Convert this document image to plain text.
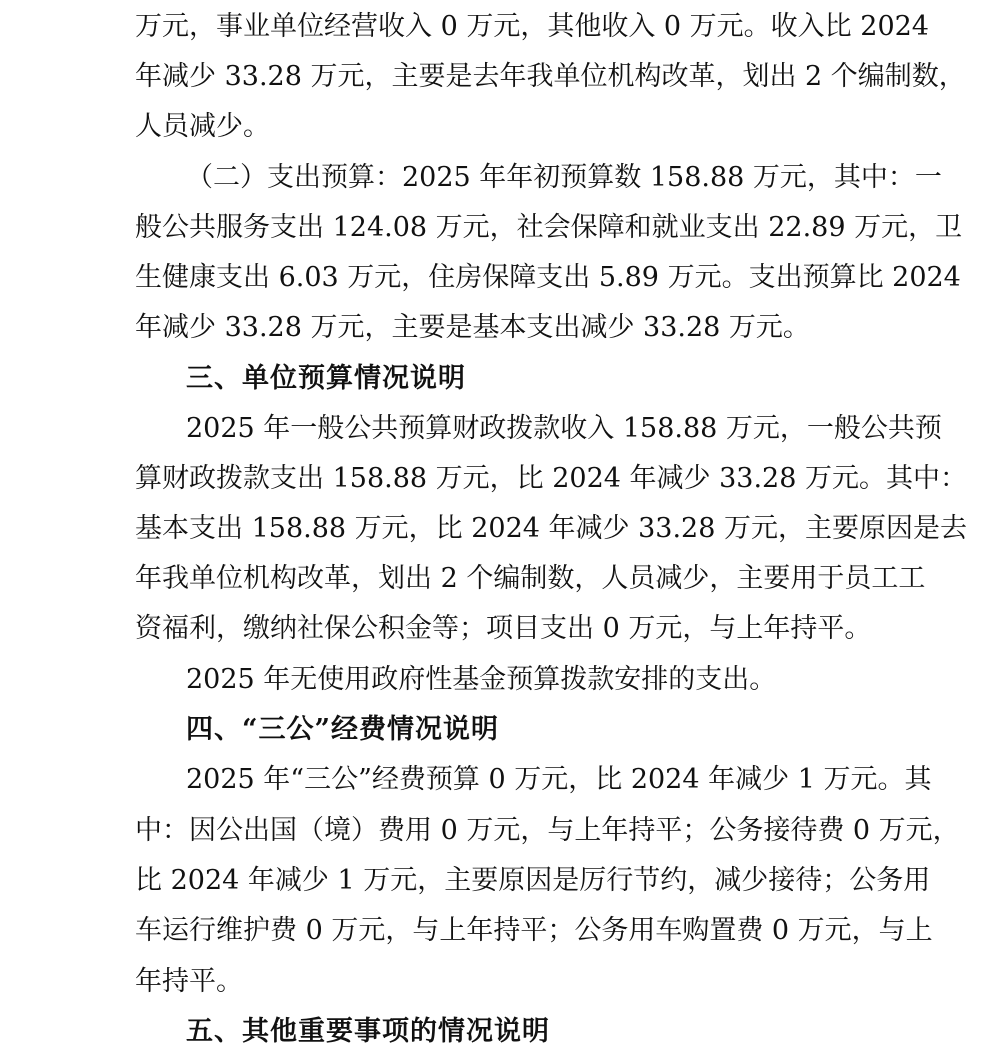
万元，事业单位经营收入 0 万元，其他收入 0 万元。收入比 2024
年减少 33.28 万元，主要是去年我单位机构改革，划出 2 个编制数，
人员减少。
（二）支出预算：2025 年年初预算数 158.88 万元，其中：一
般公共服务支出 124.08 万元，社会保障和就业支出 22.89 万元，卫
生健康支出 6.03 万元，住房保障支出 5.89 万元。支出预算比 2024
年减少 33.28 万元，主要是基本支出减少 33.28 万元。
三、单位预算情况说明
2025 年一般公共预算财政拨款收入 158.88 万元，一般公共预
算财政拨款支出 158.88 万元，比 2024 年减少 33.28 万元。其中：
基本支出 158.88 万元，比 2024 年减少 33.28 万元，主要原因是去
年我单位机构改革，划出 2 个编制数，人员减少，主要用于员工工
资福利，缴纳社保公积金等；项目支出 0 万元，与上年持平。
2025 年无使用政府性基金预算拨款安排的支出。
四、“三公”经费情况说明
2025 年“三公”经费预算 0 万元，比 2024 年减少 1 万元。其
中：因公出国（境）费用 0 万元，与上年持平；公务接待费 0 万元，
比 2024 年减少 1 万元，主要原因是厉行节约，减少接待；公务用
车运行维护费 0 万元，与上年持平；公务用车购置费 0 万元，与上
年持平。
五、其他重要事项的情况说明
